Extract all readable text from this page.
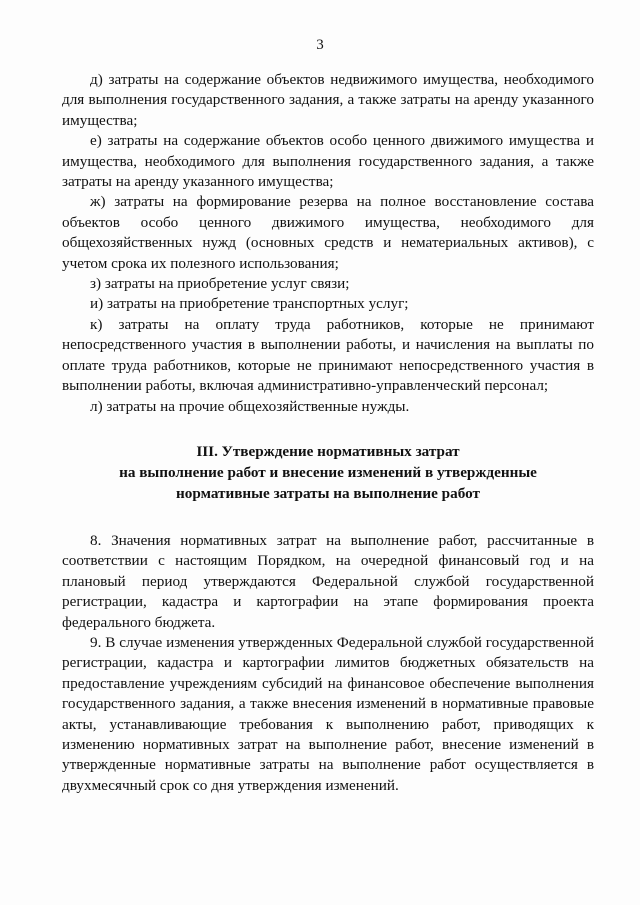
3

д) затраты на содержание объектов недвижимого имущества, необходимого для выполнения государственного задания, а также затраты на аренду указанного имущества;

е) затраты на содержание объектов особо ценного движимого имущества и имущества, необходимого для выполнения государственного задания, а также затраты на аренду указанного имущества;

ж) затраты на формирование резерва на полное восстановление состава объектов особо ценного движимого имущества, необходимого для общехозяйственных нужд (основных средств и нематериальных активов), с учетом срока их полезного использования;

з) затраты на приобретение услуг связи;

и) затраты на приобретение транспортных услуг;

к) затраты на оплату труда работников, которые не принимают непосредственного участия в выполнении работы, и начисления на выплаты по оплате труда работников, которые не принимают непосредственного участия в выполнении работы, включая административно-управленческий персонал;

л) затраты на прочие общехозяйственные нужды.

III. Утверждение нормативных затрат
на выполнение работ и внесение изменений в утвержденные
нормативные затраты на выполнение работ

8. Значения нормативных затрат на выполнение работ, рассчитанные в соответствии с настоящим Порядком, на очередной финансовый год и на плановый период утверждаются Федеральной службой государственной регистрации, кадастра и картографии на этапе формирования проекта федерального бюджета.

9. В случае изменения утвержденных Федеральной службой государственной регистрации, кадастра и картографии лимитов бюджетных обязательств на предоставление учреждениям субсидий на финансовое обеспечение выполнения государственного задания, а также внесения изменений в нормативные правовые акты, устанавливающие требования к выполнению работ, приводящих к изменению нормативных затрат на выполнение работ, внесение изменений в утвержденные нормативные затраты на выполнение работ осуществляется в двухмесячный срок со дня утверждения изменений.
